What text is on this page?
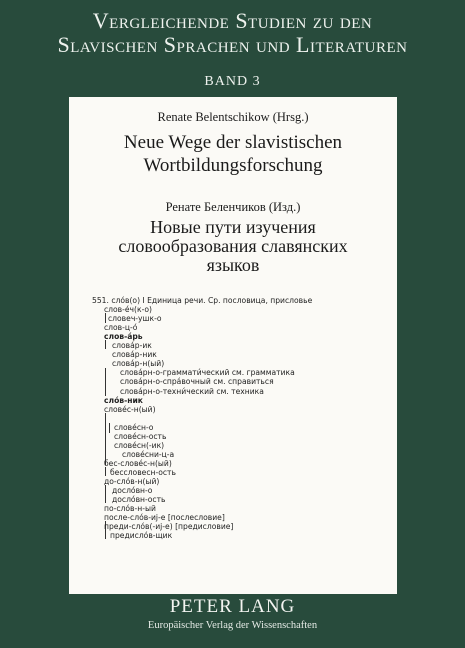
Vergleichende Studien zu den
Slavischen Sprachen und Literaturen
BAND 3
Renate Belentschikow (Hrsg.)
Neue Wege der slavistischen
Wortbildungsforschung
Ренате Беленчиков (Изд.)
Новые пути изучения
словообразования славянских
языков
551. сло́в(о) I Единица речи. Ср. пословица, присловье
слов-е́ч(к-о)
словеч-ушк-о
слов-ц-о́
слов-а́рь
слова́р-ик
слова́р-ник
слова́р-н(ый)
слова́рн-о-граммати́ческий см. грамматика
слова́рн-о-спра́вочный см. справиться
слова́рн-о-техни́ческий см. техника
сло́в-ник
слове́с-н(ый)
слове́сн-о
слове́сн-ость
слове́сн(-ик)
слове́сни-ц-а
бес-слове́с-н(ый)
бессловесн-ость
до-сло́в-н(ый)
досло́вн-о
досло́вн-ость
по-сло́в-н-ый
после-сло́в-иj-е [послесловие]
преди-сло́в(-иj-е) [предисловие]
предисло́в-щик
PETER LANG
Europäischer Verlag der Wissenschaften
